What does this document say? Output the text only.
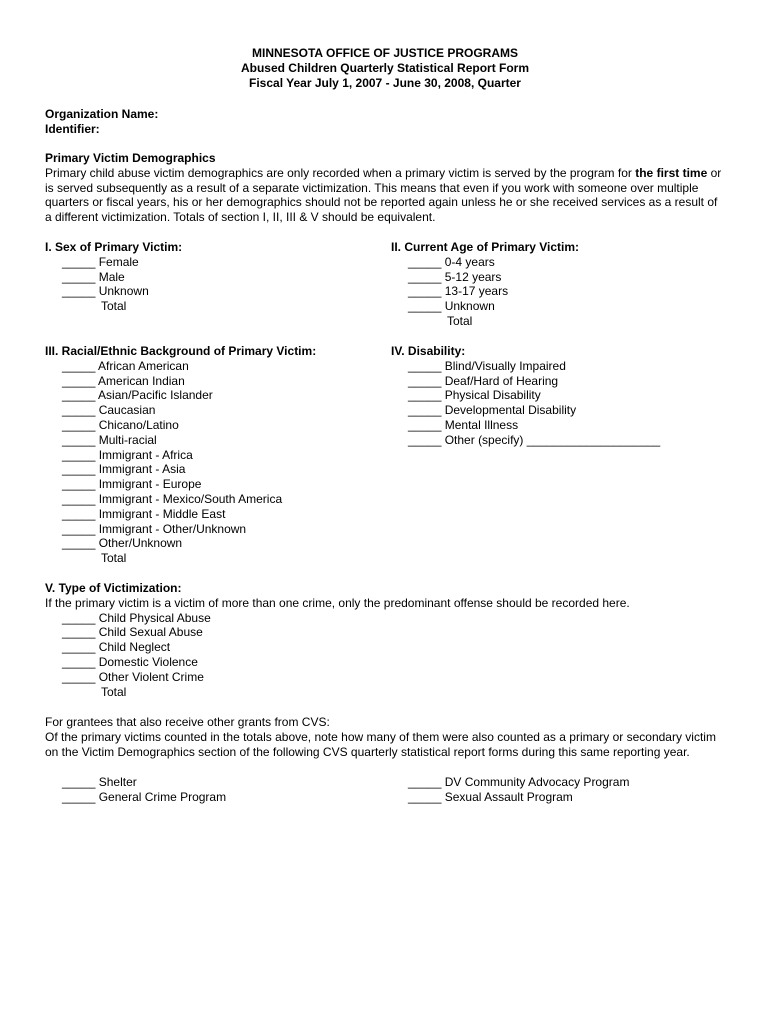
MINNESOTA OFFICE OF JUSTICE PROGRAMS
Abused Children Quarterly Statistical Report Form
Fiscal Year July 1, 2007 - June 30, 2008, Quarter
Organization Name:
Identifier:
Primary Victim Demographics
Primary child abuse victim demographics are only recorded when a primary victim is served by the program for the first time or is served subsequently as a result of a separate victimization. This means that even if you work with someone over multiple quarters or fiscal years, his or her demographics should not be reported again unless he or she received services as a result of a different victimization. Totals of section I, II, III & V should be equivalent.
I. Sex of Primary Victim:
_____ Female
_____ Male
_____ Unknown
Total
II. Current Age of Primary Victim:
_____ 0-4 years
_____ 5-12 years
_____ 13-17 years
_____ Unknown
Total
III. Racial/Ethnic Background of Primary Victim:
_____ African American
_____ American Indian
_____ Asian/Pacific Islander
_____ Caucasian
_____ Chicano/Latino
_____ Multi-racial
_____ Immigrant - Africa
_____ Immigrant - Asia
_____ Immigrant - Europe
_____ Immigrant - Mexico/South America
_____ Immigrant - Middle East
_____ Immigrant - Other/Unknown
_____ Other/Unknown
Total
IV. Disability:
_____ Blind/Visually Impaired
_____ Deaf/Hard of Hearing
_____ Physical Disability
_____ Developmental Disability
_____ Mental Illness
_____ Other (specify) ____________________
V. Type of Victimization:
If the primary victim is a victim of more than one crime, only the predominant offense should be recorded here.
_____ Child Physical Abuse
_____ Child Sexual Abuse
_____ Child Neglect
_____ Domestic Violence
_____ Other Violent Crime
Total
For grantees that also receive other grants from CVS:
Of the primary victims counted in the totals above, note how many of them were also counted as a primary or secondary victim on the Victim Demographics section of the following CVS quarterly statistical report forms during this same reporting year.
_____ Shelter
_____ General Crime Program
_____ DV Community Advocacy Program
_____ Sexual Assault Program
